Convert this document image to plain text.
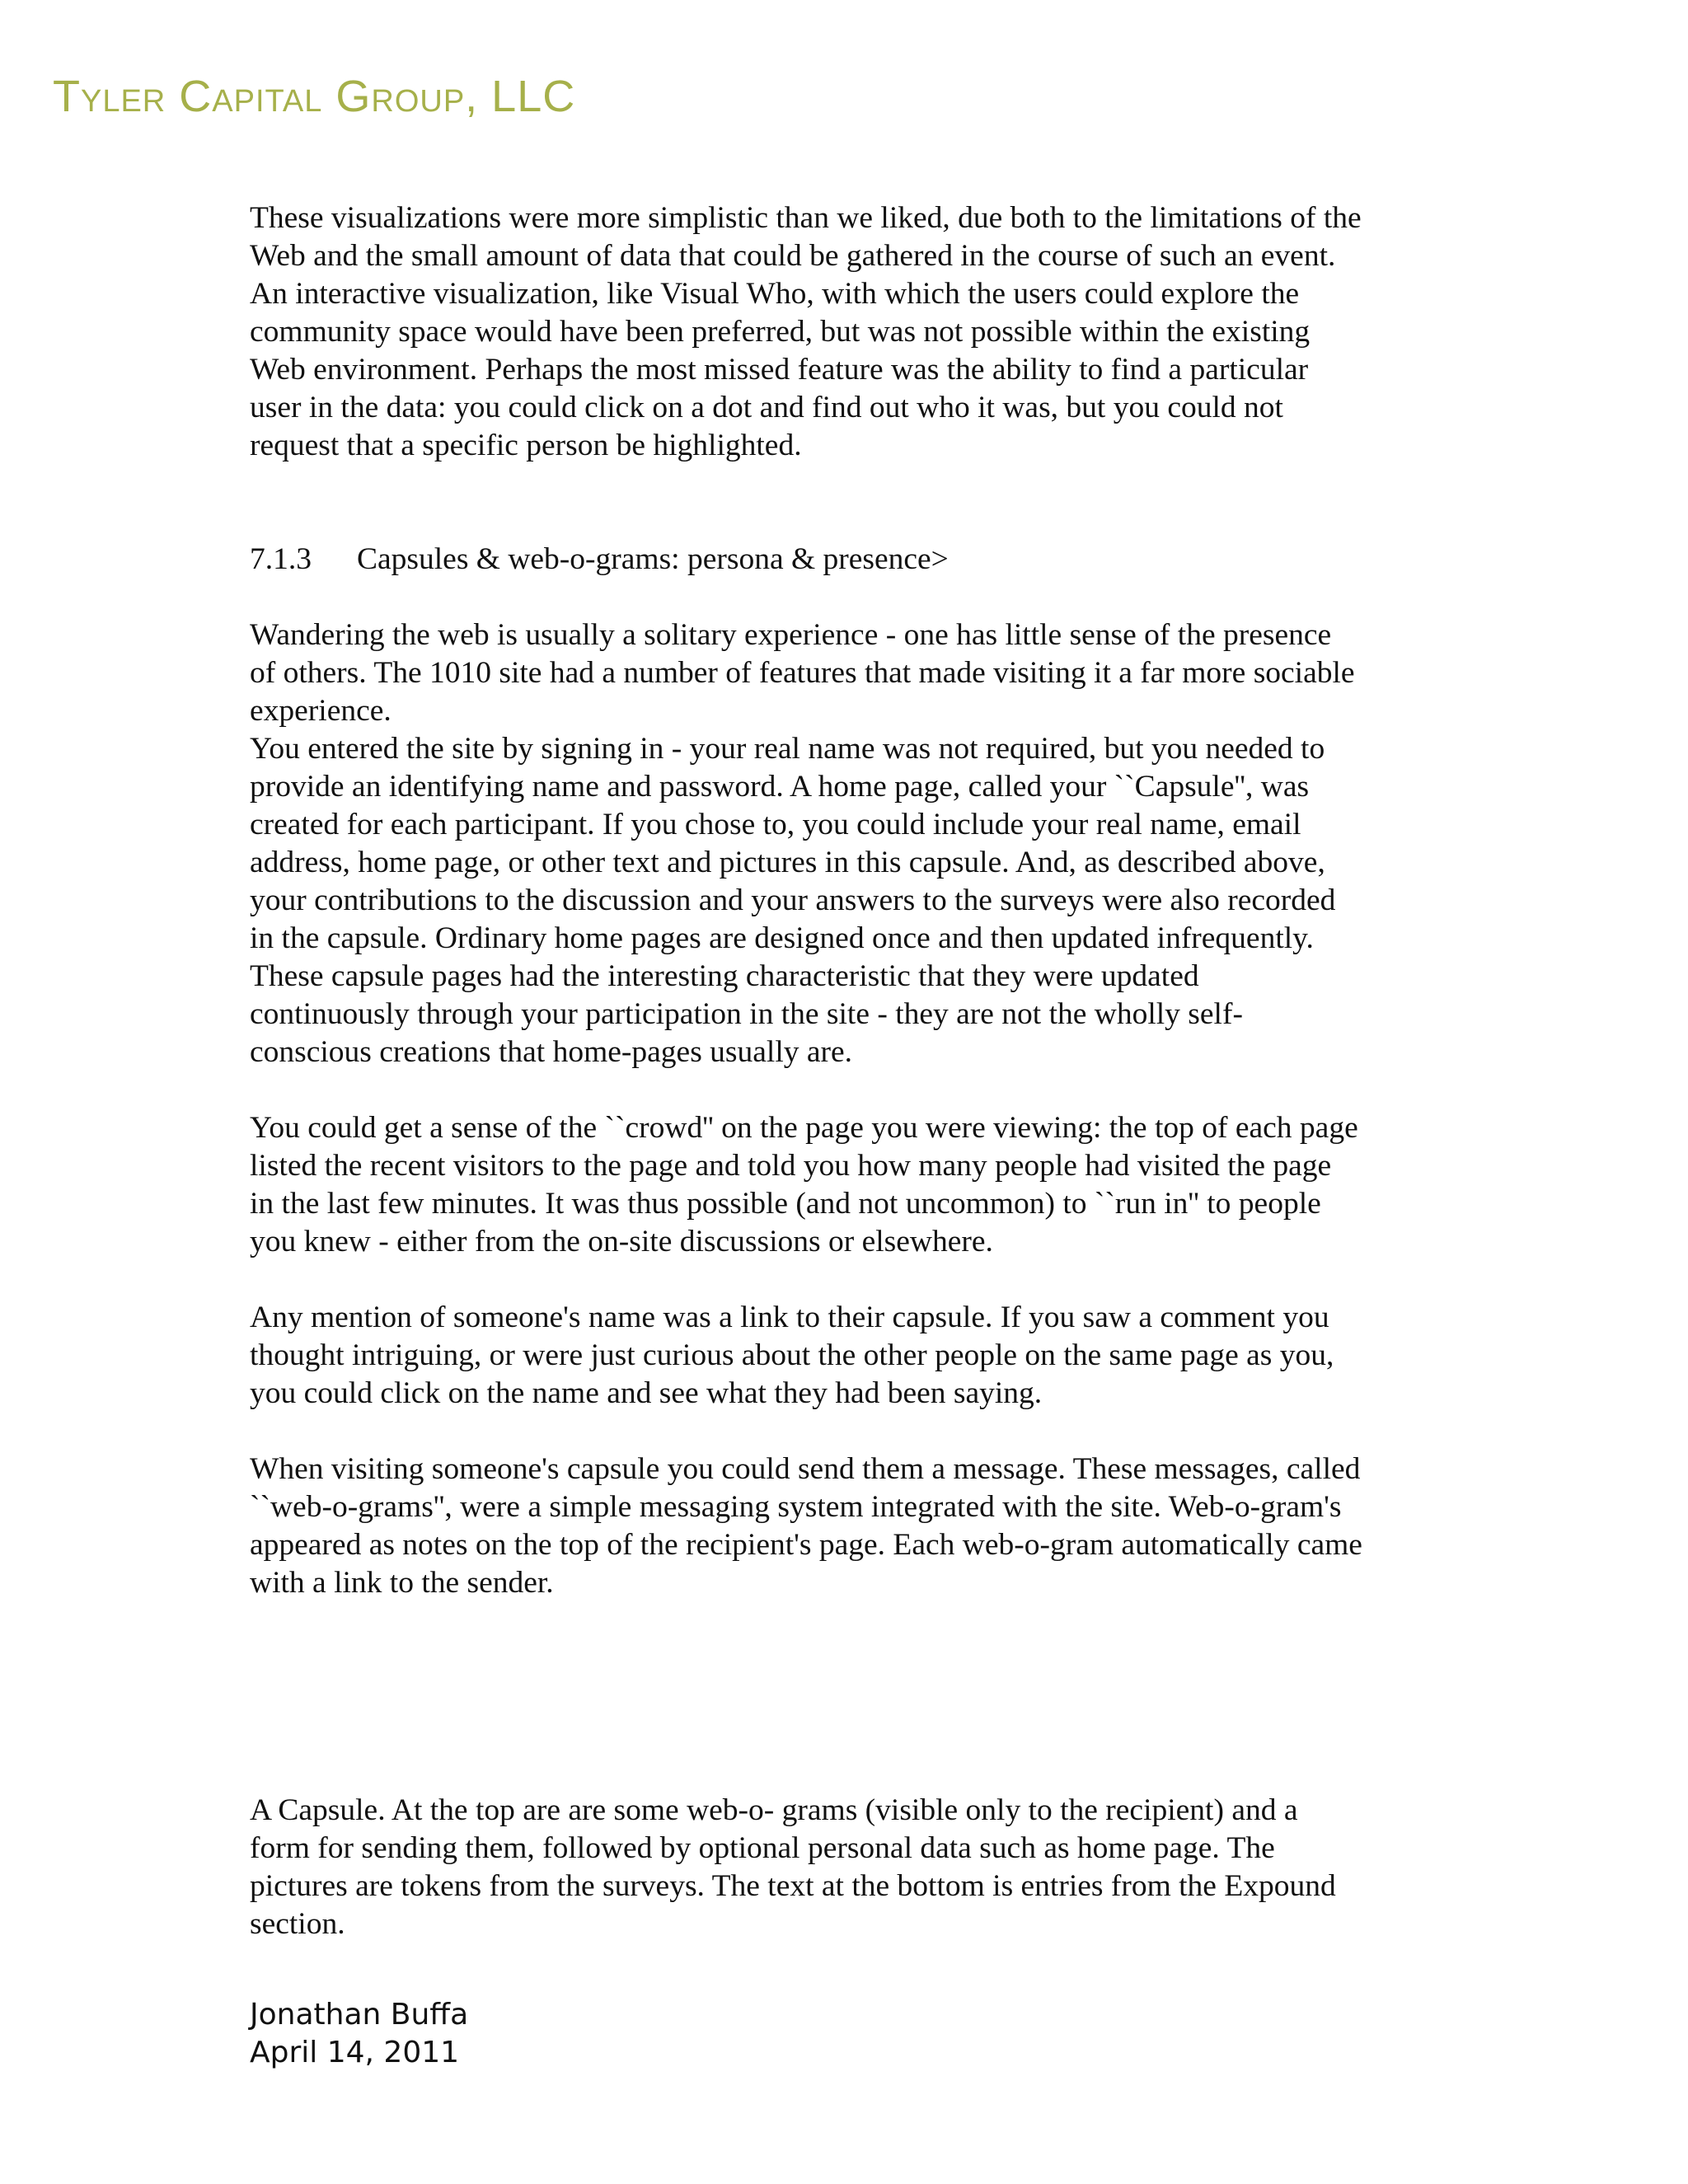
Tyler Capital Group, LLC

These visualizations were more simplistic than we liked, due both to the limitations of the
Web and the small amount of data that could be gathered in the course of such an event.
An interactive visualization, like Visual Who, with which the users could explore the
community space would have been preferred, but was not possible within the existing
Web environment. Perhaps the most missed feature was the ability to find a particular
user in the data: you could click on a dot and find out who it was, but you could not
request that a specific person be highlighted.

7.1.3 Capsules & web-o-grams: persona & presence>

Wandering the web is usually a solitary experience - one has little sense of the presence
of others. The 1010 site had a number of features that made visiting it a far more sociable
experience.
You entered the site by signing in - your real name was not required, but you needed to
provide an identifying name and password. A home page, called your ``Capsule'', was
created for each participant. If you chose to, you could include your real name, email
address, home page, or other text and pictures in this capsule. And, as described above,
your contributions to the discussion and your answers to the surveys were also recorded
in the capsule. Ordinary home pages are designed once and then updated infrequently.
These capsule pages had the interesting characteristic that they were updated
continuously through your participation in the site - they are not the wholly self-
conscious creations that home-pages usually are.

You could get a sense of the ``crowd'' on the page you were viewing: the top of each page
listed the recent visitors to the page and told you how many people had visited the page
in the last few minutes. It was thus possible (and not uncommon) to ``run in'' to people
you knew - either from the on-site discussions or elsewhere.

Any mention of someone's name was a link to their capsule. If you saw a comment you
thought intriguing, or were just curious about the other people on the same page as you,
you could click on the name and see what they had been saying.

When visiting someone's capsule you could send them a message. These messages, called
``web-o-grams'', were a simple messaging system integrated with the site. Web-o-gram's
appeared as notes on the top of the recipient's page. Each web-o-gram automatically came
with a link to the sender.

A Capsule. At the top are are some web-o- grams (visible only to the recipient) and a
form for sending them, followed by optional personal data such as home page. The
pictures are tokens from the surveys. The text at the bottom is entries from the Expound
section.

Jonathan Buffa
April 14, 2011
